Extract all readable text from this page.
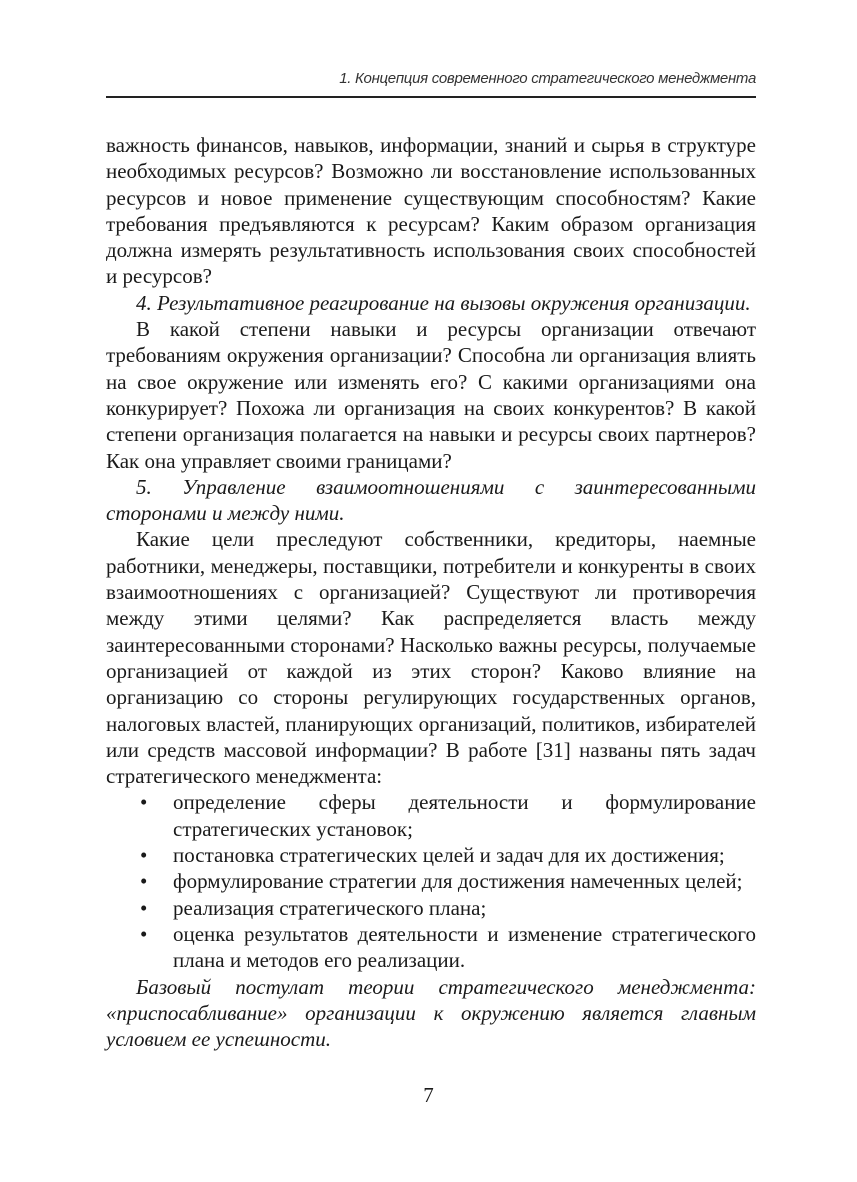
1. Концепция современного стратегического менеджмента

важность финансов, навыков, информации, знаний и сырья в структуре необходимых ресурсов? Возможно ли восстановление использованных ресурсов и новое применение существующим способностям? Какие требования предъявляются к ресурсам? Каким образом организация должна измерять результативность использования своих способностей и ресурсов?

4. Результативное реагирование на вызовы окружения организации.

В какой степени навыки и ресурсы организации отвечают требованиям окружения организации? Способна ли организация влиять на свое окружение или изменять его? С какими организациями она конкурирует? Похожа ли организация на своих конкурентов? В какой степени организация полагается на навыки и ресурсы своих партнеров? Как она управляет своими границами?

5. Управление взаимоотношениями с заинтересованными сторонами и между ними.

Какие цели преследуют собственники, кредиторы, наемные работники, менеджеры, поставщики, потребители и конкуренты в своих взаимоотношениях с организацией? Существуют ли противоречия между этими целями? Как распределяется власть между заинтересованными сторонами? Насколько важны ресурсы, получаемые организацией от каждой из этих сторон? Каково влияние на организацию со стороны регулирующих государственных органов, налоговых властей, планирующих организаций, политиков, избирателей или средств массовой информации? В работе [31] названы пять задач стратегического менеджмента:

• определение сферы деятельности и формулирование стратегических установок;
• постановка стратегических целей и задач для их достижения;
• формулирование стратегии для достижения намеченных целей;
• реализация стратегического плана;
• оценка результатов деятельности и изменение стратегического плана и методов его реализации.

Базовый постулат теории стратегического менеджмента: «приспосабливание» организации к окружению является главным условием ее успешности.

7
